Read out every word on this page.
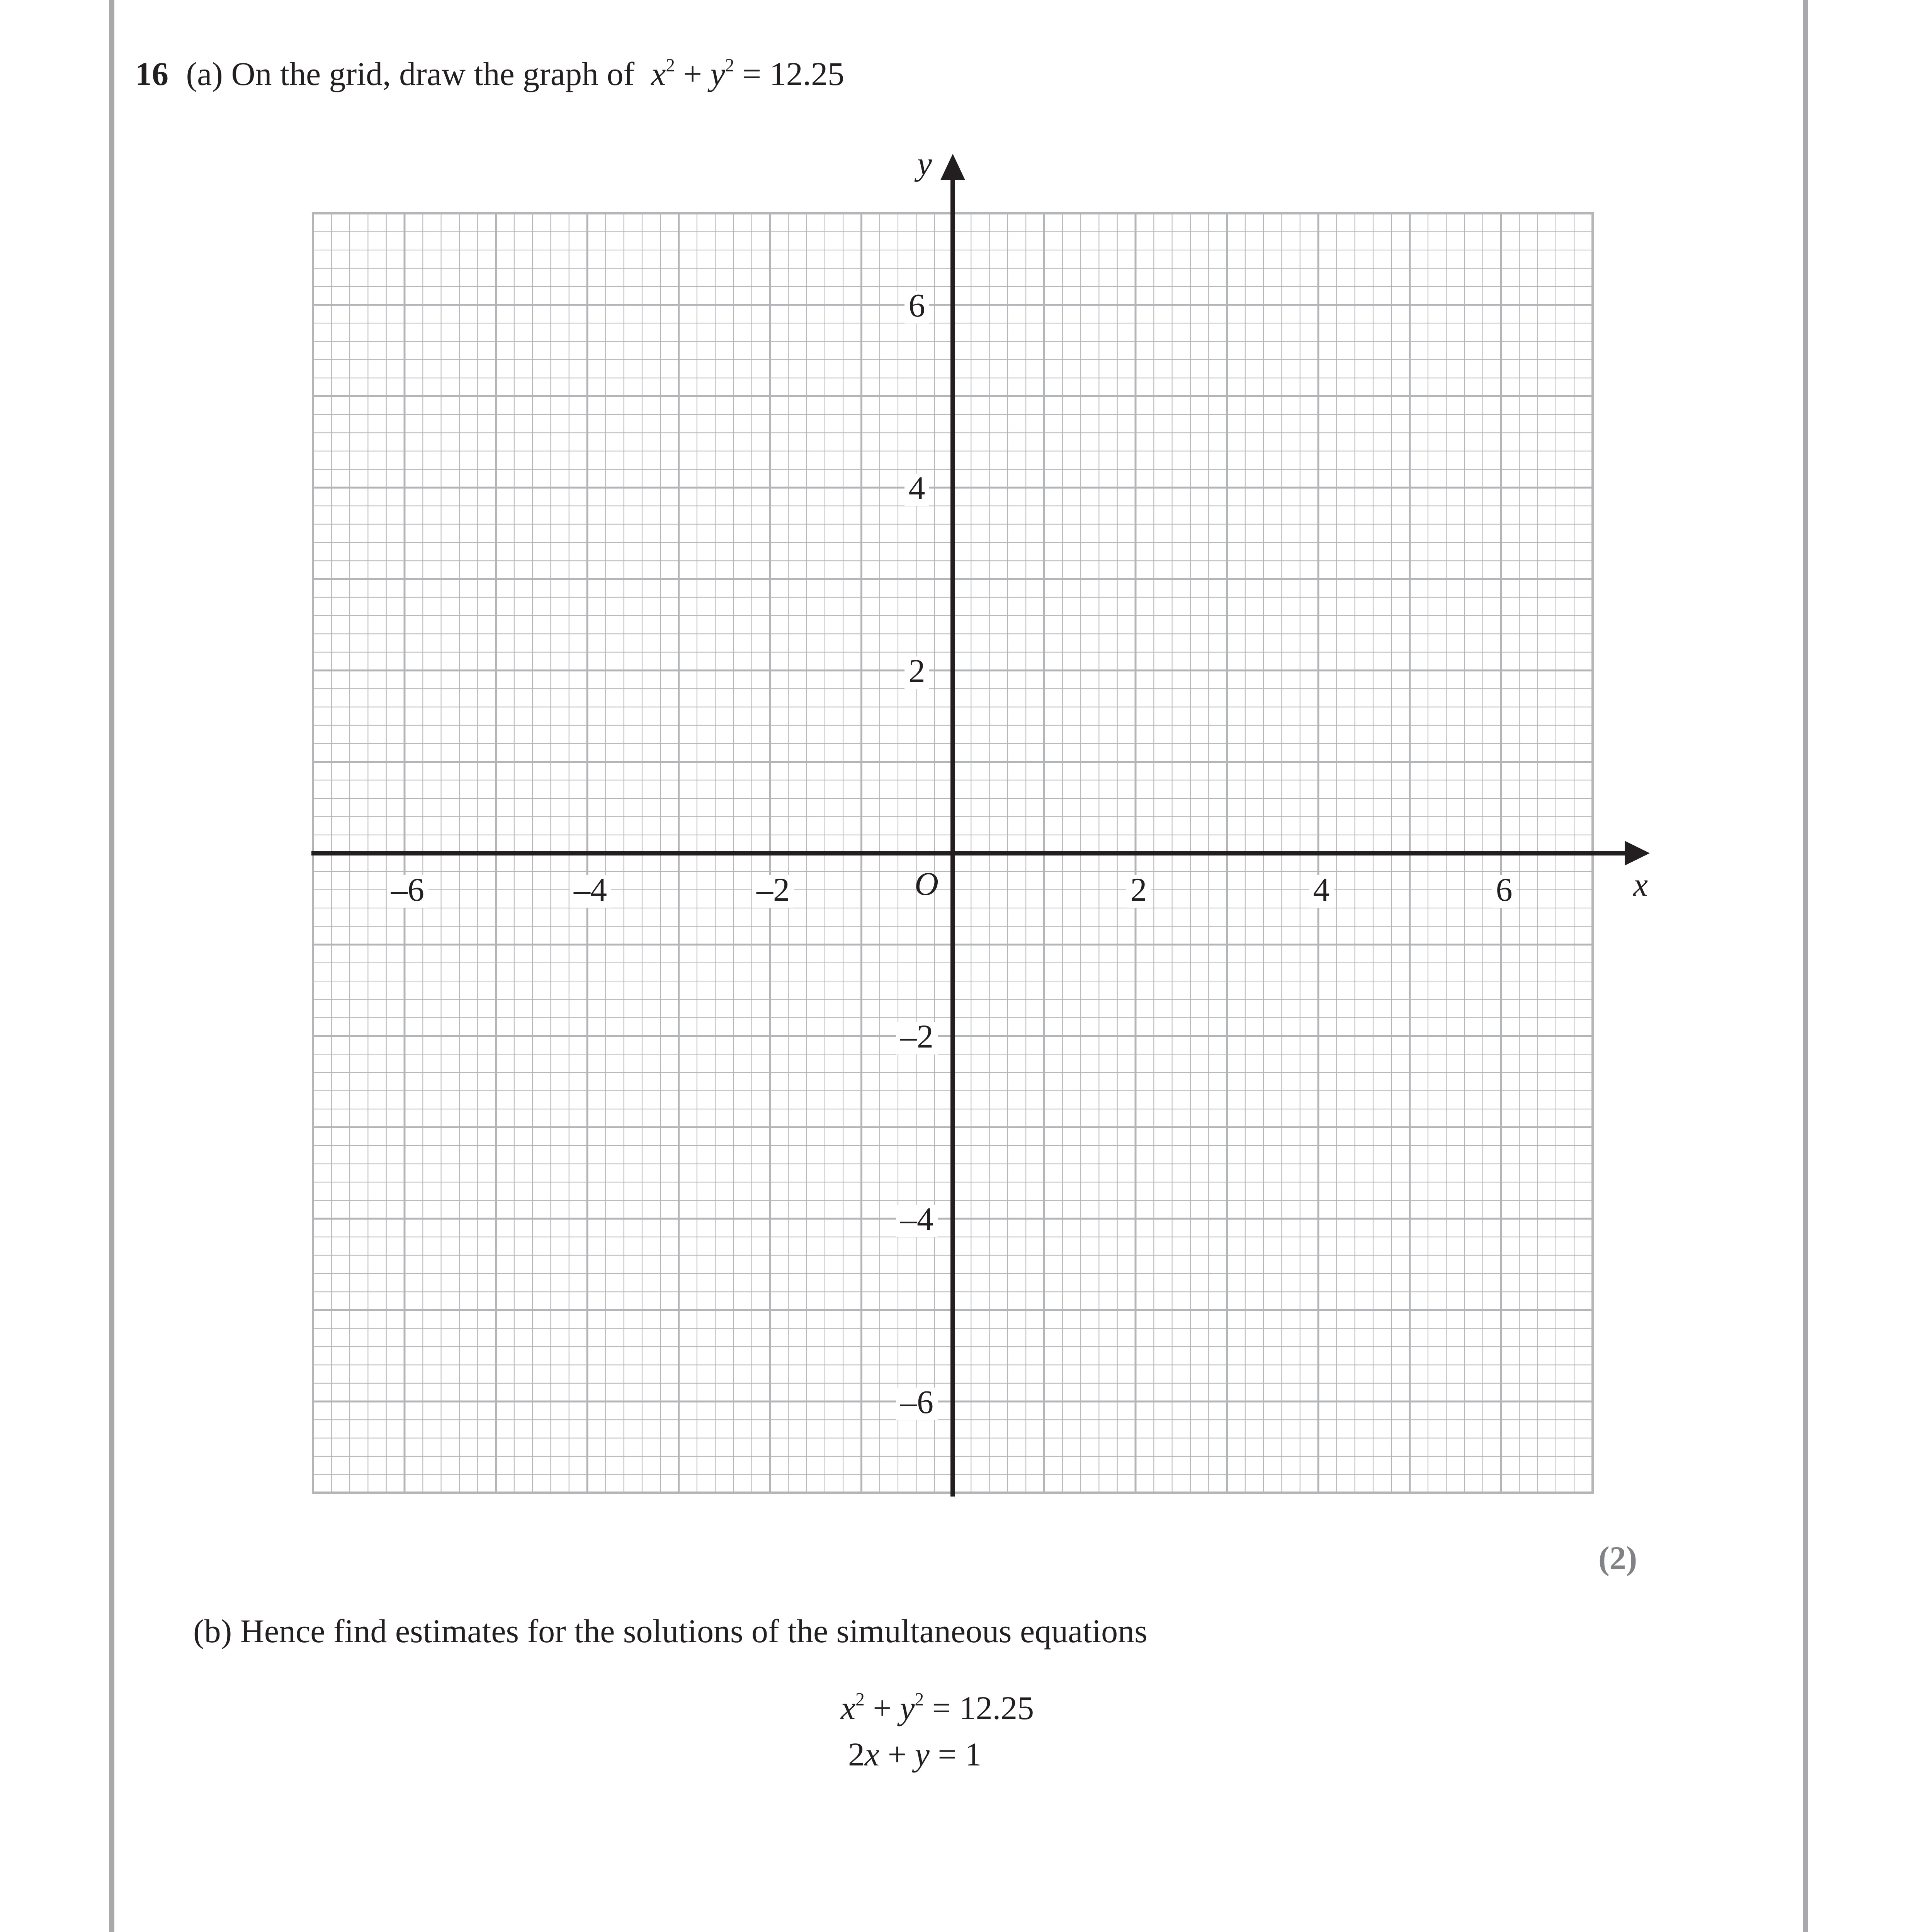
16 (a) On the grid, draw the graph of $x^2 + y^2 = 12.25$
–6	–4	–2	2	4	6
6
4
2
–2
–4
–6
O	x
y
(2)
(b) Hence find estimates for the solutions of the simultaneous equations
$x^2 + y^2 = 12.25$
2x + y = 1
